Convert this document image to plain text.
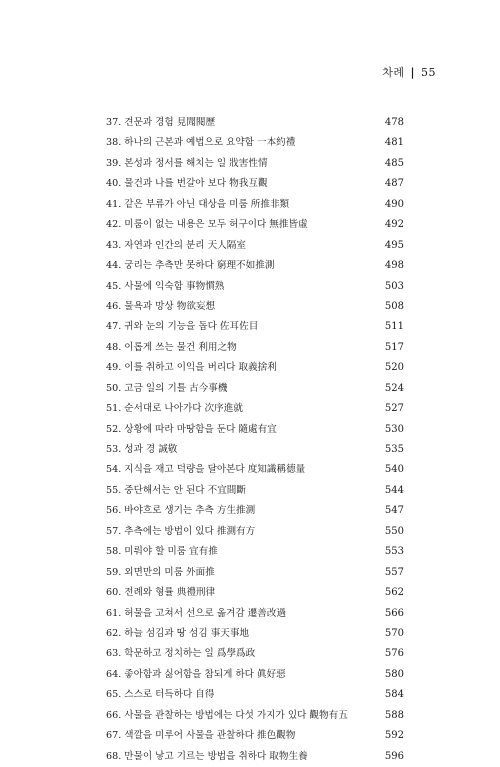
차례 | 55
37. 견문과 경험 見聞閱歷	478
38. 하나의 근본과 예법으로 요약함 一本約禮	481
39. 본성과 정서를 해치는 일 戕害性情	485
40. 물건과 나를 번갈아 보다 物我互觀	487
41. 같은 부류가 아닌 대상을 미룸 所推非類	490
42. 미룸이 없는 내용은 모두 허구이다 無推皆虛	492
43. 자연과 인간의 분리 天人隔室	495
44. 궁리는 추측만 못하다 窮理不如推測	498
45. 사물에 익숙함 事物慣熟	503
46. 물욕과 망상 物欲妄想	508
47. 귀와 눈의 기능을 돕다 佐耳佐目	511
48. 이롭게 쓰는 물건 利用之物	517
49. 이를 취하고 이익을 버리다 取義捨利	520
50. 고금 일의 기틀 古今事機	524
51. 순서대로 나아가다 次序進就	527
52. 상황에 따라 마땅함을 둔다 隨處有宜	530
53. 성과 경 誠敬	535
54. 지식을 재고 덕량을 달아본다 度知識稱德量	540
55. 중단해서는 안 된다 不宜間斷	544
56. 바야흐로 생기는 추측 方生推測	547
57. 추측에는 방법이 있다 推測有方	550
58. 미뤄야 할 미룸 宜有推	553
59. 외면만의 미룸 外面推	557
60. 전례와 형률 典禮刑律	562
61. 허물을 고쳐서 선으로 옮겨감 遷善改過	566
62. 하늘 섬김과 땅 섬김 事天事地	570
63. 학문하고 정치하는 일 爲學爲政	576
64. 좋아함과 싫어함을 참되게 하다 眞好惡	580
65. 스스로 터득하다 自得	584
66. 사물을 관찰하는 방법에는 다섯 가지가 있다 觀物有五	588
67. 색깔을 미루어 사물을 관찰하다 推色觀物	592
68. 만물이 낳고 기르는 방법을 취하다 取物生養	596
